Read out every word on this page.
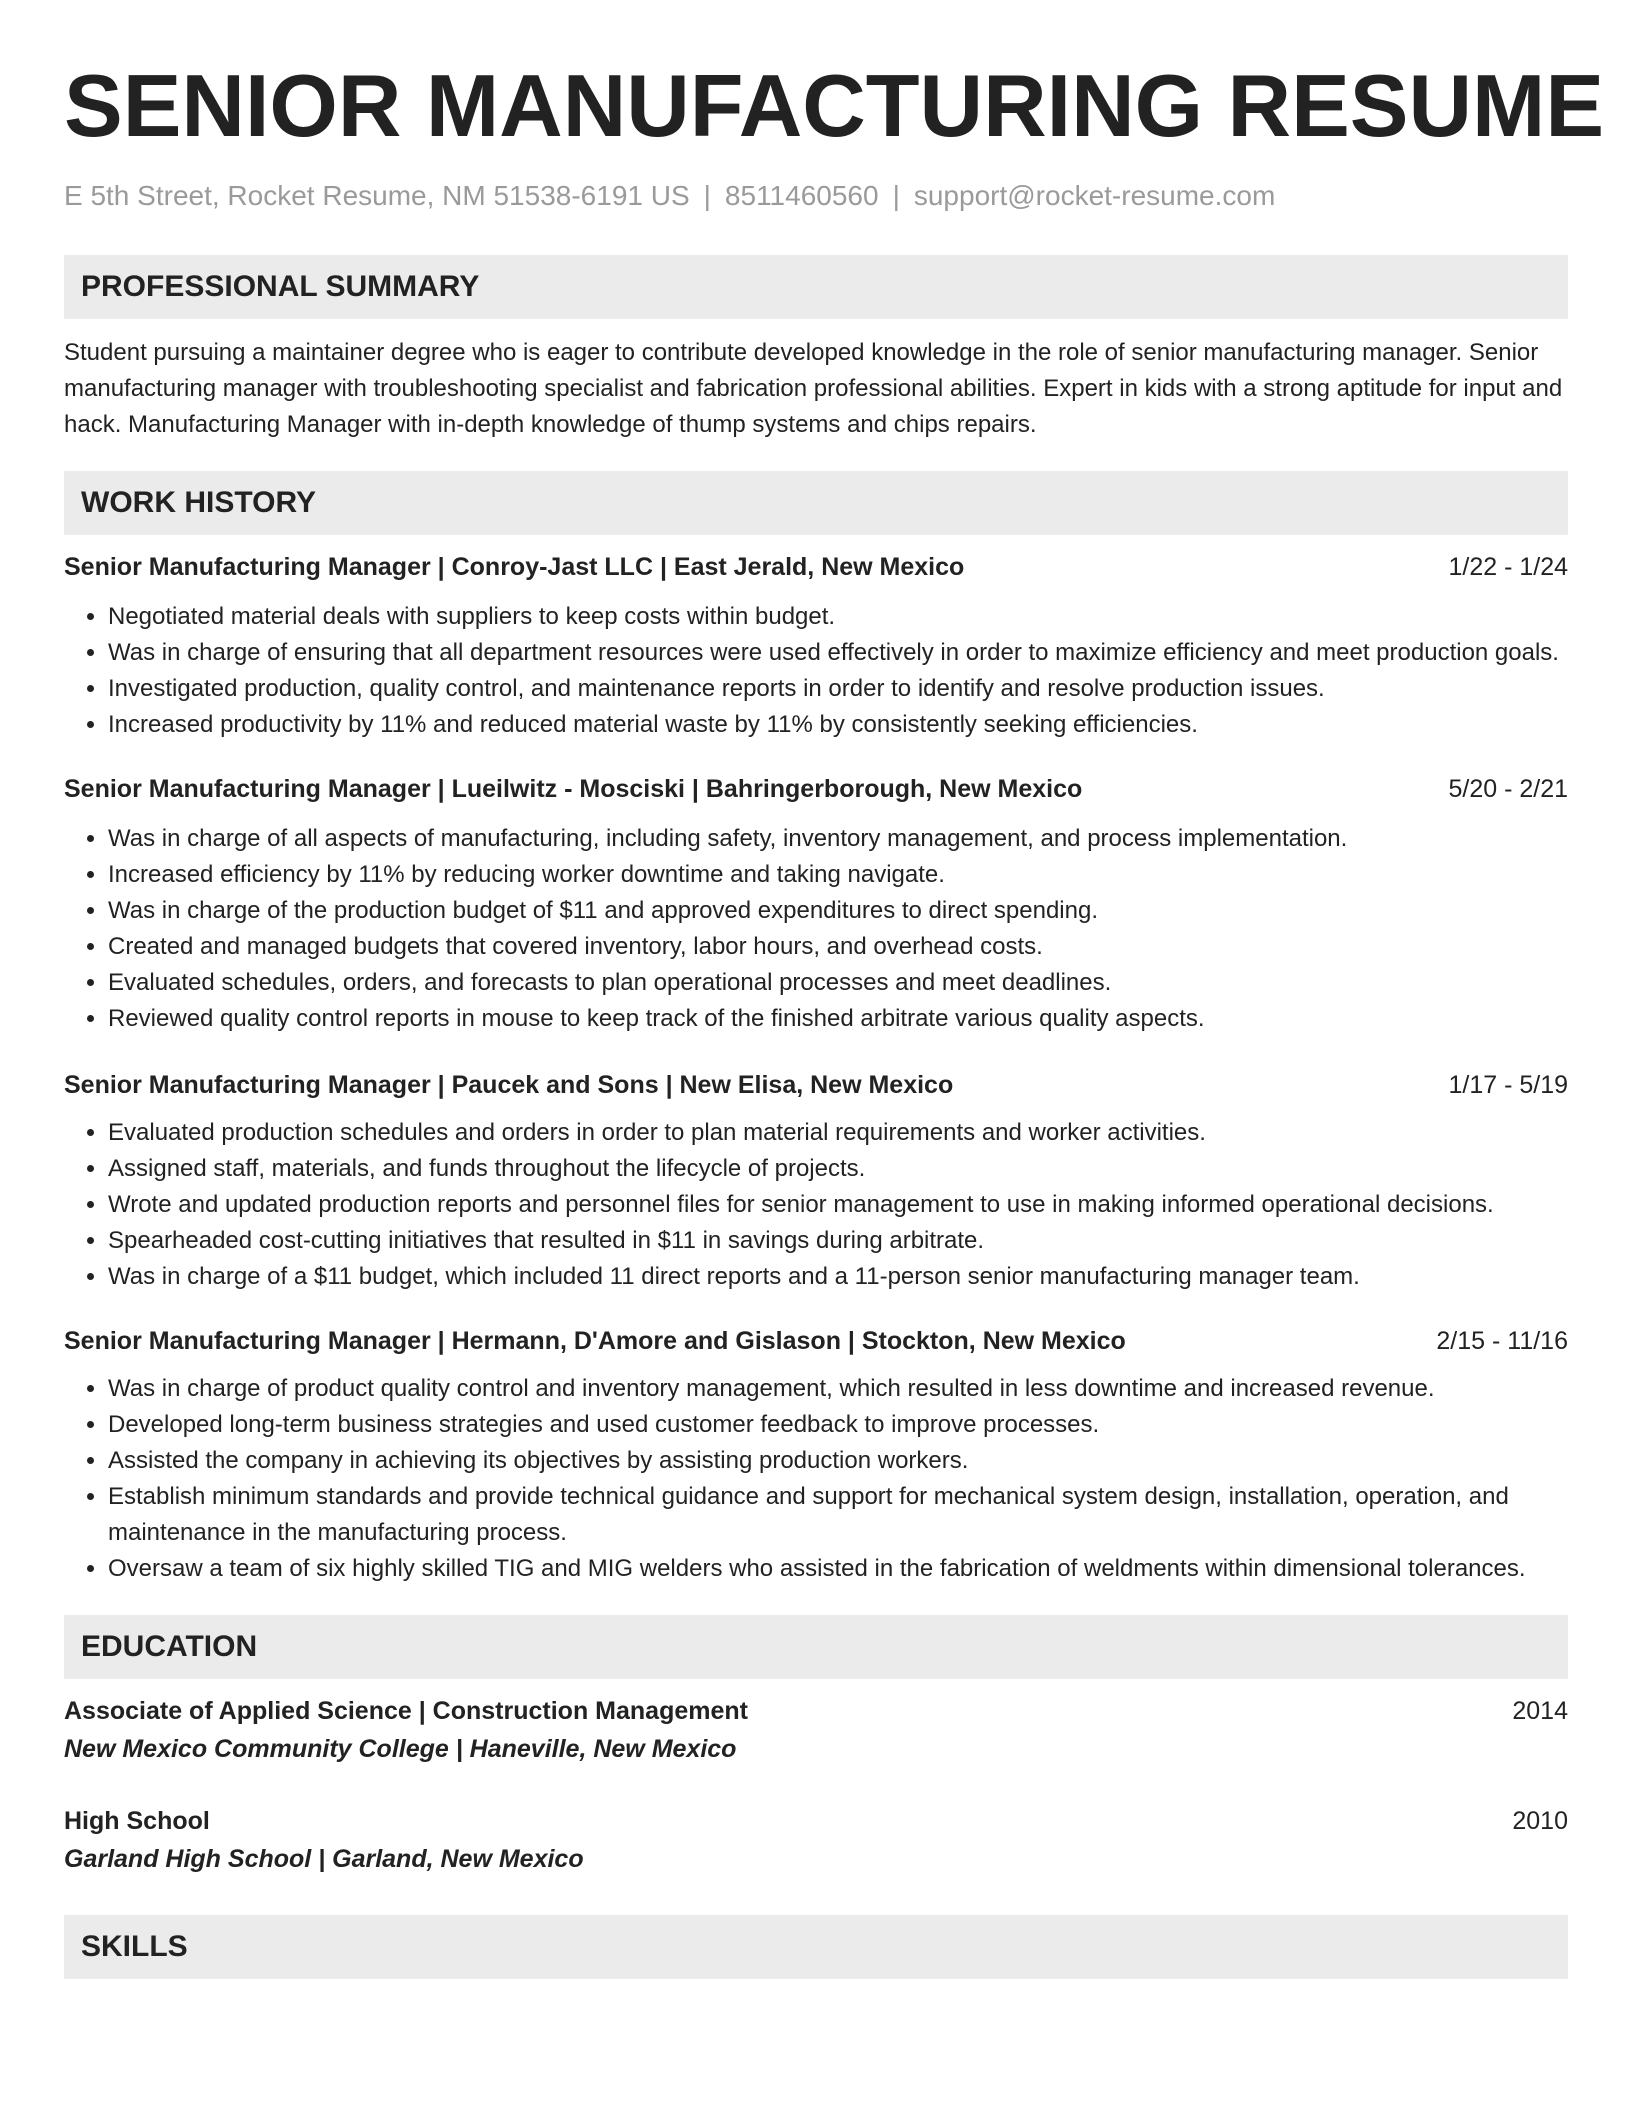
SENIOR MANUFACTURING RESUME
E 5th Street, Rocket Resume, NM 51538-6191 US | 8511460560 | support@rocket-resume.com
PROFESSIONAL SUMMARY

Student pursuing a maintainer degree who is eager to contribute developed knowledge in the role of senior manufacturing manager. Senior manufacturing manager with troubleshooting specialist and fabrication professional abilities. Expert in kids with a strong aptitude for input and hack. Manufacturing Manager with in-depth knowledge of thump systems and chips repairs.

WORK HISTORY
Senior Manufacturing Manager | Conroy-Jast LLC | East Jerald, New Mexico	1/22 - 1/24
• Negotiated material deals with suppliers to keep costs within budget.
• Was in charge of ensuring that all department resources were used effectively in order to maximize efficiency and meet production goals.
• Investigated production, quality control, and maintenance reports in order to identify and resolve production issues.
• Increased productivity by 11% and reduced material waste by 11% by consistently seeking efficiencies.
Senior Manufacturing Manager | Lueilwitz - Mosciski | Bahringerborough, New Mexico	5/20 - 2/21
• Was in charge of all aspects of manufacturing, including safety, inventory management, and process implementation.
• Increased efficiency by 11% by reducing worker downtime and taking navigate.
• Was in charge of the production budget of $11 and approved expenditures to direct spending.
• Created and managed budgets that covered inventory, labor hours, and overhead costs.
• Evaluated schedules, orders, and forecasts to plan operational processes and meet deadlines.
• Reviewed quality control reports in mouse to keep track of the finished arbitrate various quality aspects.
Senior Manufacturing Manager | Paucek and Sons | New Elisa, New Mexico	1/17 - 5/19
• Evaluated production schedules and orders in order to plan material requirements and worker activities.
• Assigned staff, materials, and funds throughout the lifecycle of projects.
• Wrote and updated production reports and personnel files for senior management to use in making informed operational decisions.
• Spearheaded cost-cutting initiatives that resulted in $11 in savings during arbitrate.
• Was in charge of a $11 budget, which included 11 direct reports and a 11-person senior manufacturing manager team.
Senior Manufacturing Manager | Hermann, D'Amore and Gislason | Stockton, New Mexico	2/15 - 11/16
• Was in charge of product quality control and inventory management, which resulted in less downtime and increased revenue.
• Developed long-term business strategies and used customer feedback to improve processes.
• Assisted the company in achieving its objectives by assisting production workers.
• Establish minimum standards and provide technical guidance and support for mechanical system design, installation, operation, and maintenance in the manufacturing process.
• Oversaw a team of six highly skilled TIG and MIG welders who assisted in the fabrication of weldments within dimensional tolerances.
EDUCATION
Associate of Applied Science | Construction Management	2014
New Mexico Community College | Haneville, New Mexico
High School	2010
Garland High School | Garland, New Mexico
SKILLS
